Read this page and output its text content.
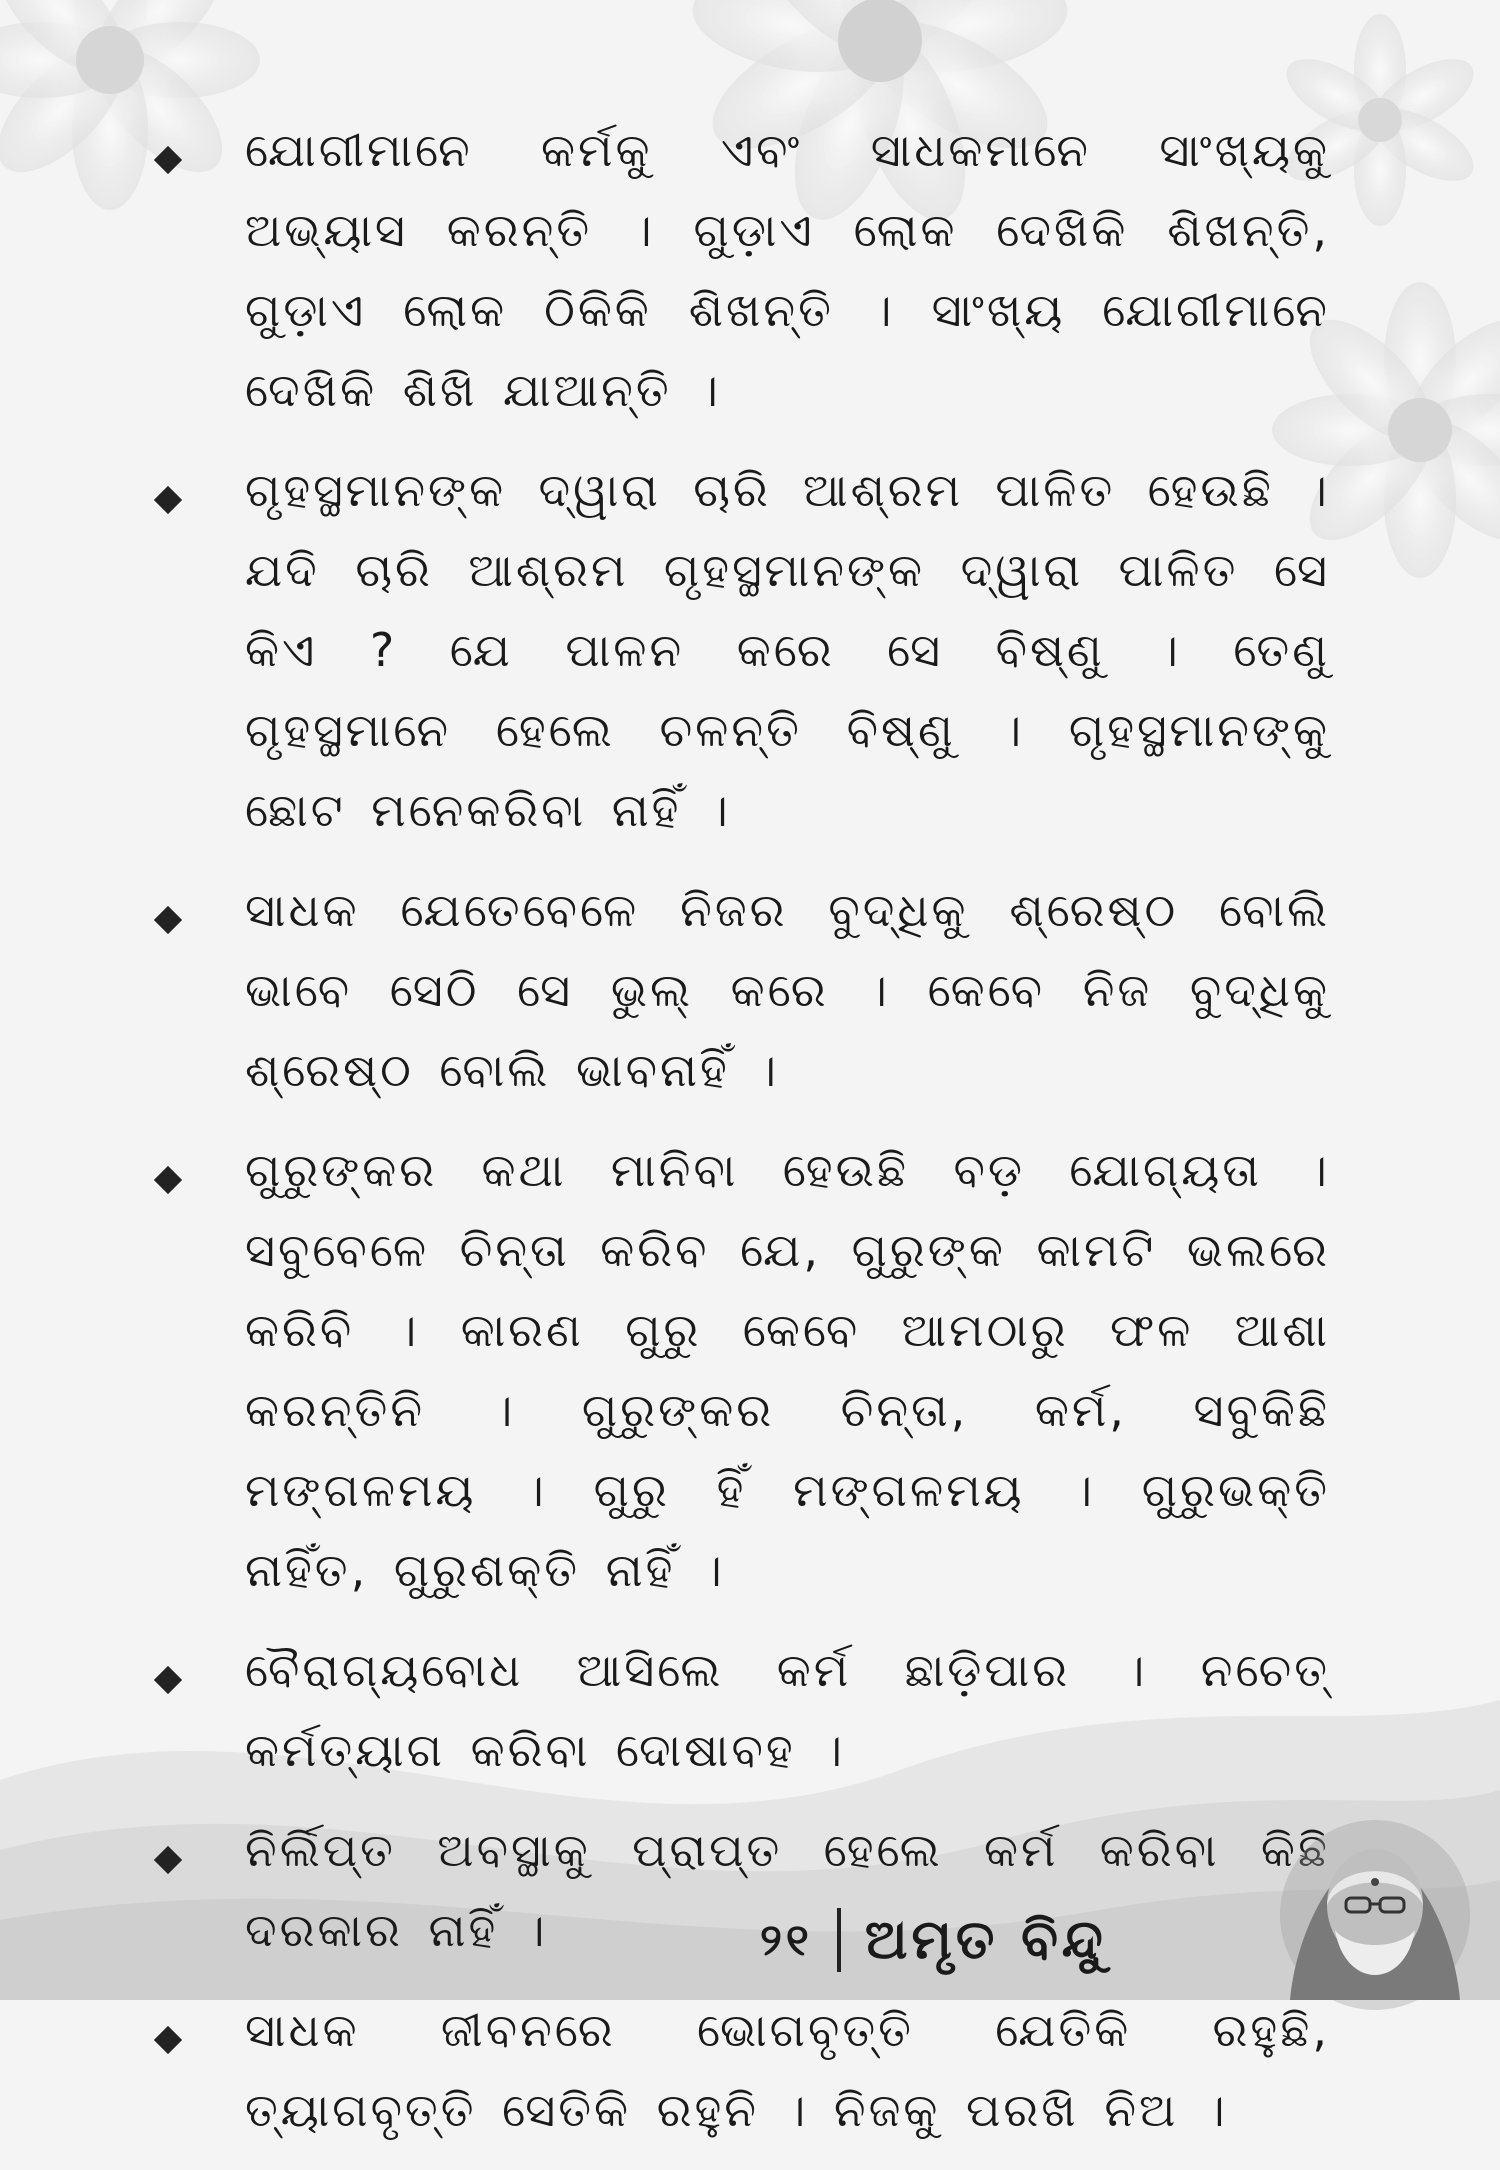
ଯୋଗୀମାନେ କର୍ମକୁ ଏବଂ ସାଧକମାନେ ସାଂଖ୍ୟକୁ ଅଭ୍ୟାସ କରନ୍ତି । ଗୁଡ଼ାଏ ଲୋକ ଦେଖିକି ଶିଖନ୍ତି, ଗୁଡ଼ାଏ ଲୋକ ଠିକିକି ଶିଖନ୍ତି । ସାଂଖ୍ୟ ଯୋଗୀମାନେ ଦେଖିକି ଶିଖି ଯାଆନ୍ତି ।
ଗୃହସ୍ଥମାନଙ୍କ ଦ୍ୱାରା ଚାରି ଆଶ୍ରମ ପାଳିତ ହେଉଛି । ଯଦି ଚାରି ଆଶ୍ରମ ଗୃହସ୍ଥମାନଙ୍କ ଦ୍ୱାରା ପାଳିତ ସେ କିଏ ? ଯେ ପାଳନ କରେ ସେ ବିଷ୍ଣୁ । ତେଣୁ ଗୃହସ୍ଥମାନେ ହେଲେ ଚଳନ୍ତି ବିଷ୍ଣୁ । ଗୃହସ୍ଥମାନଙ୍କୁ ଛୋଟ ମନେକରିବା ନାହିଁ ।
ସାଧକ ଯେତେବେଳେ ନିଜର ବୁଦ୍ଧିକୁ ଶ୍ରେଷ୍ଠ ବୋଲି ଭାବେ ସେଠି ସେ ଭୁଲ୍ କରେ । କେବେ ନିଜ ବୁଦ୍ଧିକୁ ଶ୍ରେଷ୍ଠ ବୋଲି ଭାବନାହିଁ ।
ଗୁରୁଙ୍କର କଥା ମାନିବା ହେଉଛି ବଡ଼ ଯୋଗ୍ୟତା । ସବୁବେଳେ ଚିନ୍ତା କରିବ ଯେ, ଗୁରୁଙ୍କ କାମଟି ଭଲରେ କରିବି । କାରଣ ଗୁରୁ କେବେ ଆମଠାରୁ ଫଳ ଆଶା କରନ୍ତିନି । ଗୁରୁଙ୍କର ଚିନ୍ତା, କର୍ମ, ସବୁକିଛି ମଙ୍ଗଳମୟ । ଗୁରୁ ହିଁ ମଙ୍ଗଳମୟ । ଗୁରୁଭକ୍ତି ନାହିଁତ, ଗୁରୁଶକ୍ତି ନାହିଁ ।
ବୈରାଗ୍ୟବୋଧ ଆସିଲେ କର୍ମ ଛାଡ଼ିପାର । ନଚେତ୍ କର୍ମତ୍ୟାଗ କରିବା ଦୋଷାବହ ।
ନିର୍ଲିପ୍ତ ଅବସ୍ଥାକୁ ପ୍ରାପ୍ତ ହେଲେ କର୍ମ କରିବା କିଛି ଦରକାର ନାହିଁ ।
ସାଧକ ଜୀବନରେ ଭୋଗବୃତ୍ତି ଯେତିକି ରହୁଛି, ତ୍ୟାଗବୃତ୍ତି ସେତିକି ରହୁନି । ନିଜକୁ ପରଖି ନିଅ ।
୨୧ ଅମୃତ ବିନ୍ଦୁ
